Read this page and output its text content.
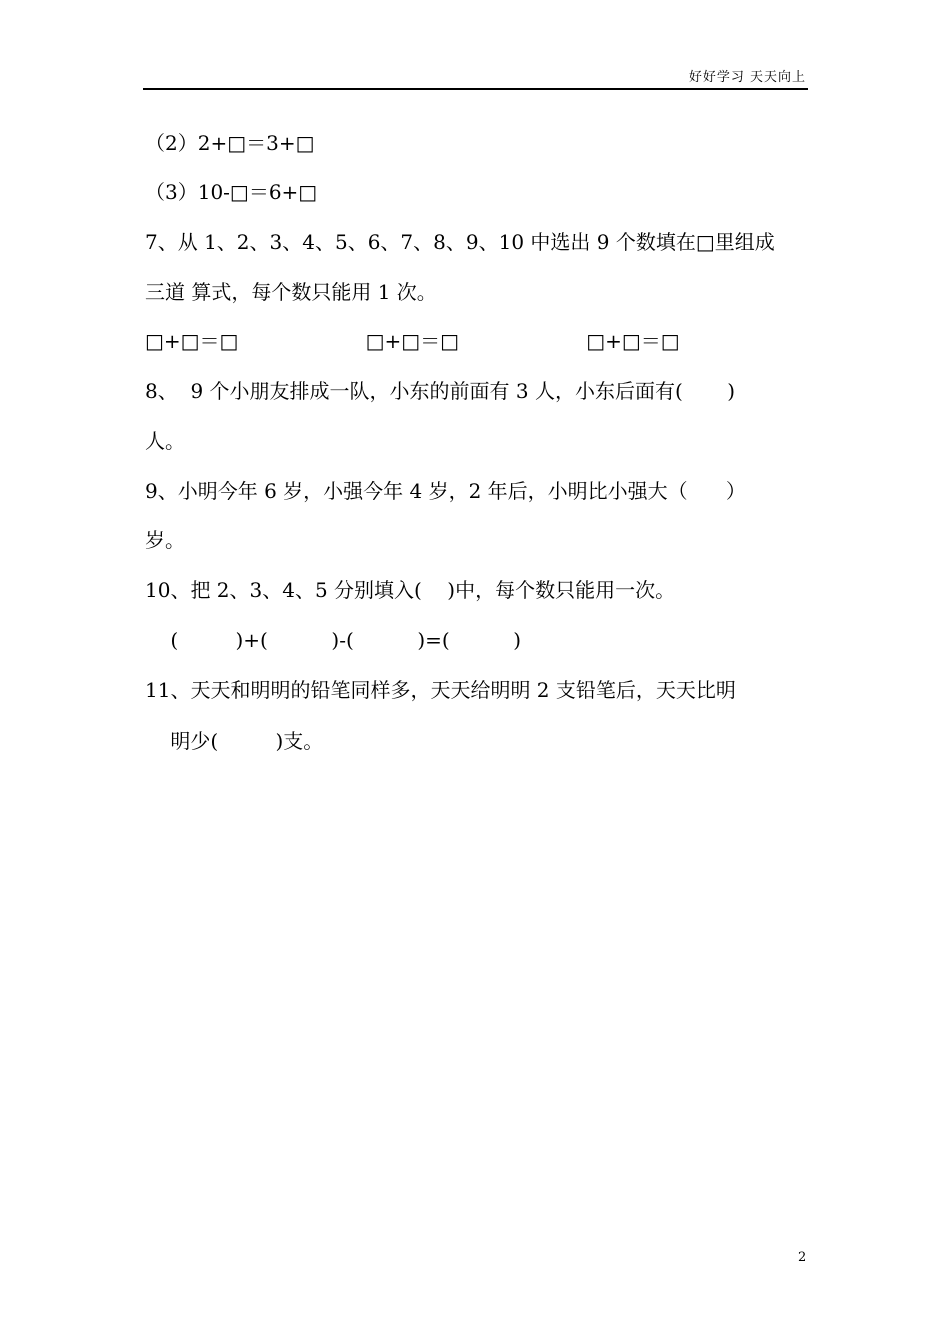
好好学习 天天向上
（2）2+□＝3+□
（3）10-□＝6+□
7、从 1、2、3、4、5、6、7、8、9、10 中选出 9 个数填在□里组成
三道 算式，每个数只能用 1 次。
□+□＝□                    □+□＝□                    □+□＝□
8、  9 个小朋友排成一队，小东的前面有 3 人，小东后面有(       )
人。
9、小明今年 6 岁，小强今年 4 岁，2 年后，小明比小强大（      ）
岁。
10、把 2、3、4、5 分别填入(    )中，每个数只能用一次。
(         )+(          )-(          )=(          )
11、天天和明明的铅笔同样多，天天给明明 2 支铅笔后，天天比明
明少(         )支。
2
